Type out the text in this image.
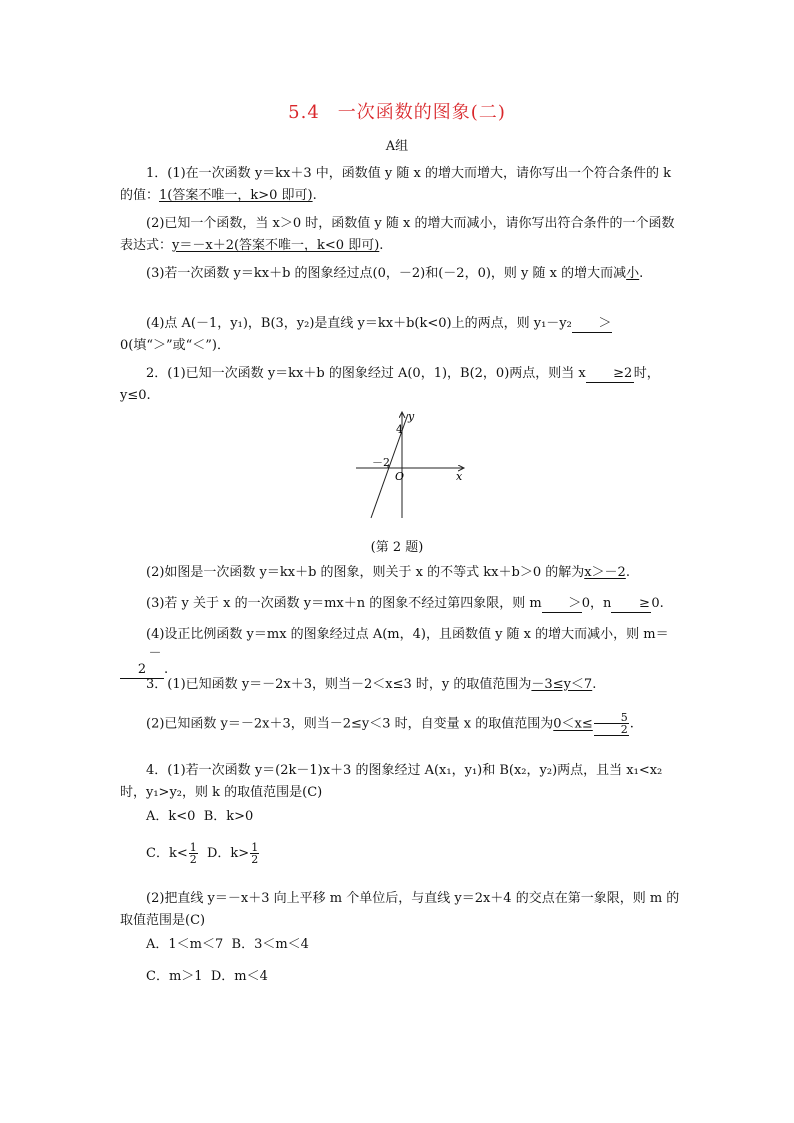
5.4 一次函数的图象(二)
A组
1．(1)在一次函数 y＝kx＋3 中，函数值 y 随 x 的增大而增大，请你写出一个符合条件的 k 的值：1(答案不唯一，k>0 即可).
(2)已知一个函数，当 x＞0 时，函数值 y 随 x 的增大而减小，请你写出符合条件的一个函数表达式：y＝－x＋2(答案不唯一，k<0 即可).
(3)若一次函数 y＝kx＋b 的图象经过点(0，－2)和(－2，0)，则 y 随 x 的增大而减小.
(4)点 A(－1，y₁)，B(3，y₂)是直线 y＝kx＋b(k<0)上的两点，则 y₁－y₂ ＞0(填“＞”或“＜”)．
2．(1)已知一次函数 y＝kx＋b 的图象经过 A(0，1)，B(2，0)两点，则当 x ≥2时，y≤0.
y
x
4
－2
O
(第 2 题)
(2)如图是一次函数 y＝kx＋b 的图象，则关于 x 的不等式 kx＋b＞0 的解为x＞－2.
(3)若 y 关于 x 的一次函数 y＝mx＋n 的图象不经过第四象限，则 m ＞0，n ≥ 0.
(4)设正比例函数 y＝mx 的图象经过点 A(m，4)，且函数值 y 随 x 的增大而减小，则 m＝－2 .
3．(1)已知函数 y＝－2x＋3，则当－2＜x≤3 时，y 的取值范围为－3≤y＜7.
(2)已知函数 y＝－2x＋3，则当－2≤y＜3 时，自变量 x 的取值范围为$0<x\le \frac{5}{2}$ .
4．(1)若一次函数 y＝(2k－1)x＋3 的图象经过 A(x₁，y₁)和 B(x₂，y₂)两点，且当 x₁<x₂ 时，y₁>y₂，则 k 的取值范围是(C)
A．k<0 B．k>0
C．$k< \frac{1}{2}$ D．$k> \frac{1}{2}$
(2)把直线 y＝－x＋3 向上平移 m 个单位后，与直线 y＝2x＋4 的交点在第一象限，则 m 的取值范围是(C)
A．1＜m＜7 B．3＜m＜4
C．m＞1 D．m＜4
